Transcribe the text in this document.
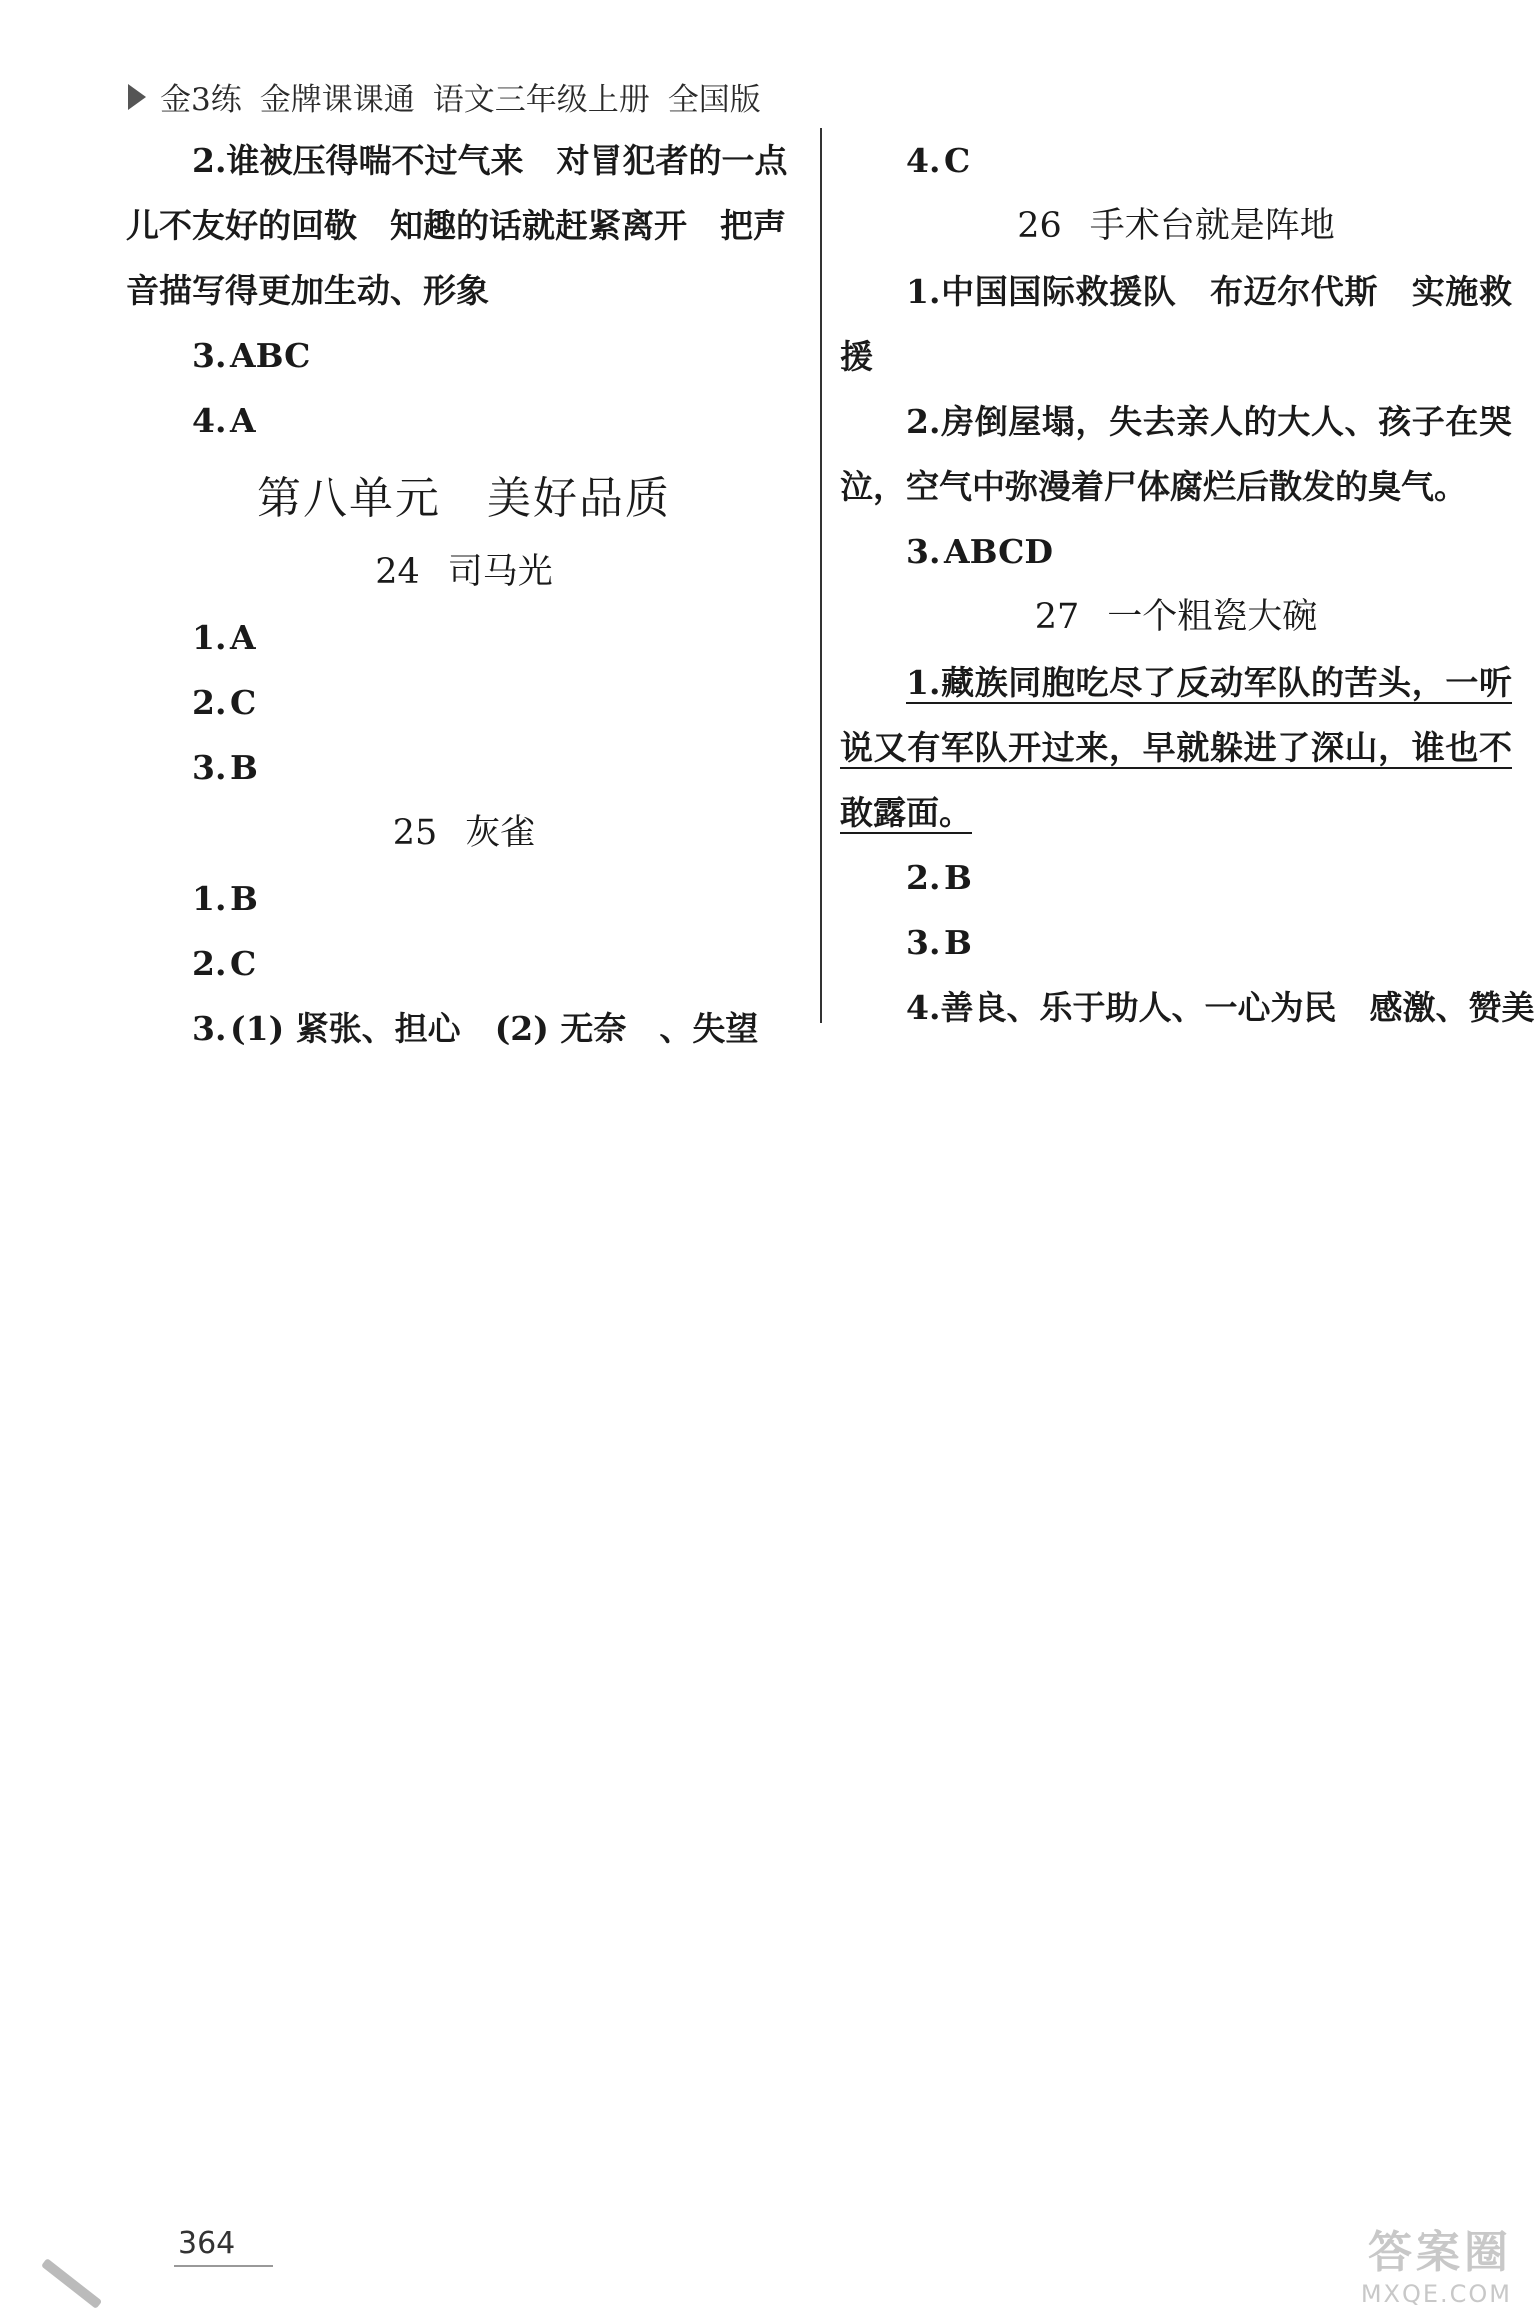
金3练 金牌课课通 语文三年级上册 全国版
2.谁被压得喘不过气来　对冒犯者的一点
儿不友好的回敬　知趣的话就赶紧离开　把声
音描写得更加生动、形象
3. ABC
4. A
第八单元　美好品质
24 司马光
1. A
2. C
3. B
25 灰雀
1. B
2. C
3. (1) 紧张、担心 (2) 无奈　、失望
4. C
26 手术台就是阵地
1.中国国际救援队　布迈尔代斯　实施救援
2.房倒屋塌，失去亲人的大人、孩子在哭泣，空气中弥漫着尸体腐烂后散发的臭气。
3. ABCD
27 一个粗瓷大碗
1.藏族同胞吃尽了反动军队的苦头，一听说又有军队开过来，早就躲进了深山，谁也不敢露面。
2. B
3. B
4.善良、乐于助人、一心为民　感激、赞美
364	答案圈
MXQE.COM
